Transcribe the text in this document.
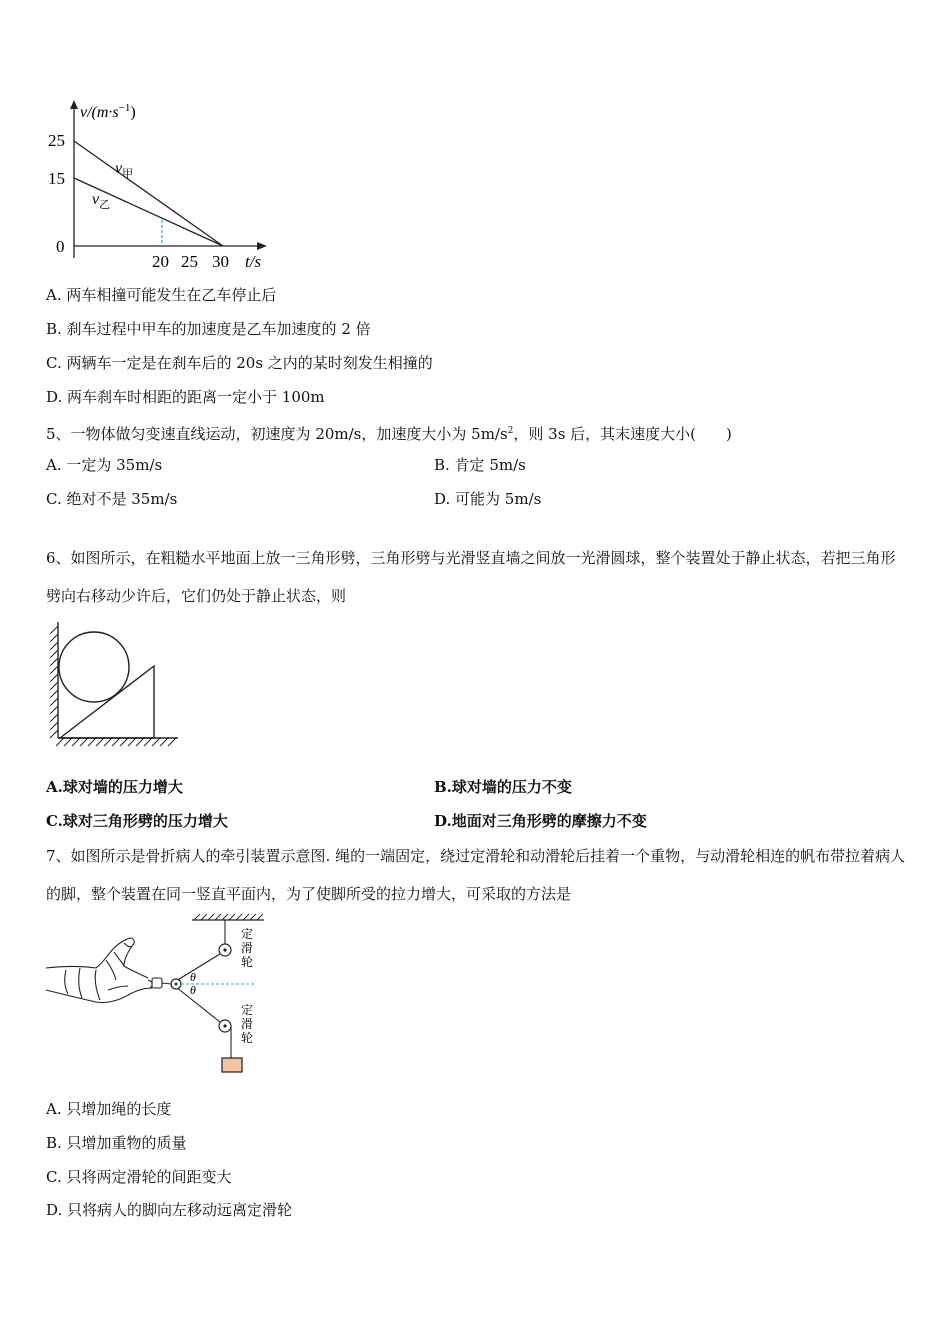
25
15
0
20 25 30
$v/(m\cdot s^{-1})$
t/s
$v_甲$
$v_乙$
A. 两车相撞可能发生在乙车停止后
B. 刹车过程中甲车的加速度是乙车加速度的 2 倍
C. 两辆车一定是在刹车后的 20s 之内的某时刻发生相撞的
D. 两车刹车时相距的距离一定小于 100m
5、一物体做匀变速直线运动，初速度为 20m/s，加速度大小为 $5m/s^2$，则 3s 后，其末速度大小(　　)
A. 一定为 35m/s	B. 肯定 5m/s
C. 绝对不是 35m/s	D. 可能为 5m/s
6、如图所示，在粗糙水平地面上放一三角形劈，三角形劈与光滑竖直墙之间放一光滑圆球，整个装置处于静止状态，若把三角形劈向右移动少许后，它们仍处于静止状态，则
A.球对墙的压力增大	B.球对墙的压力不变
C.球对三角形劈的压力增大	D.地面对三角形劈的摩擦力不变
7、如图所示是骨折病人的牵引装置示意图. 绳的一端固定，绕过定滑轮和动滑轮后挂着一个重物，与动滑轮相连的帆布带拉着病人的脚，整个装置在同一竖直平面内，为了使脚所受的拉力增大，可采取的方法是
θ
θ
定
滑
轮
定
滑
轮
A. 只增加绳的长度
B. 只增加重物的质量
C. 只将两定滑轮的间距变大
D. 只将病人的脚向左移动远离定滑轮
